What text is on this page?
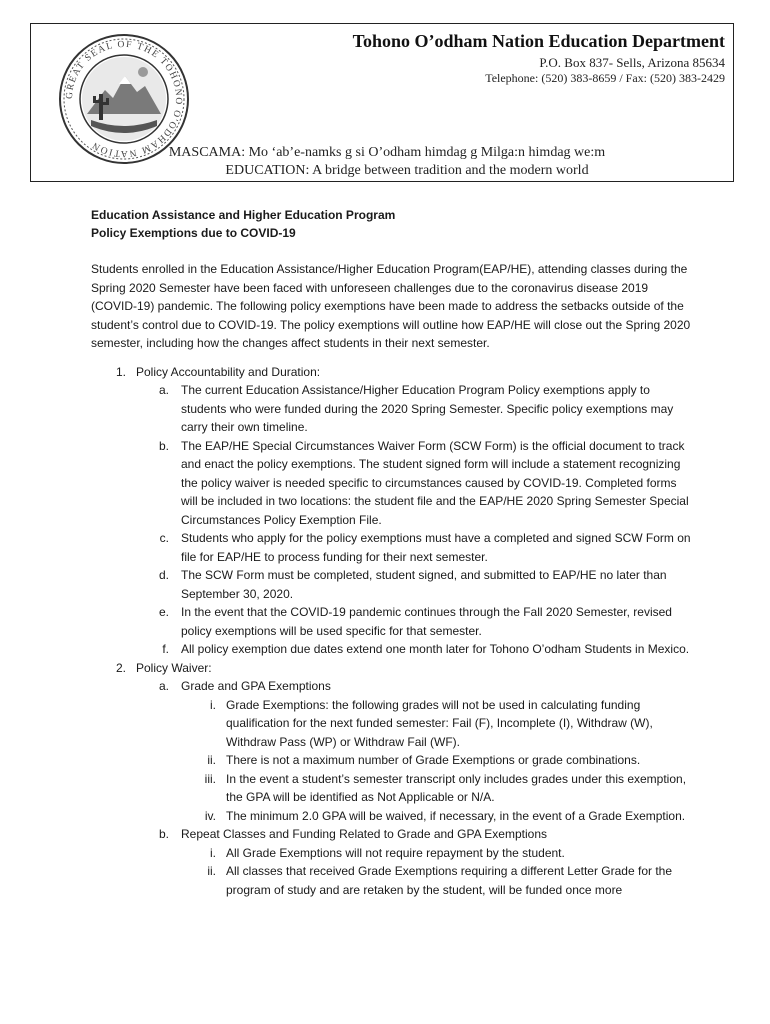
GREAT SEAL OF THE TOHONO O'ODHAM NATION
Tohono O’odham Nation Education Department
P.O. Box 837- Sells, Arizona 85634
Telephone: (520) 383-8659 / Fax: (520) 383-2429
MASCAMA: Mo ‘ab’e-namks g si O’odham himdag g Milga:n himdag we:m
EDUCATION: A bridge between tradition and the modern world
Education Assistance and Higher Education Program
Policy Exemptions due to COVID-19
Students enrolled in the Education Assistance/Higher Education Program(EAP/HE), attending classes during the Spring 2020 Semester have been faced with unforeseen challenges due to the coronavirus disease 2019 (COVID-19) pandemic. The following policy exemptions have been made to address the setbacks outside of the student’s control due to COVID-19. The policy exemptions will outline how EAP/HE will close out the Spring 2020 semester, including how the changes affect students in their next semester.
1. Policy Accountability and Duration:
a. The current Education Assistance/Higher Education Program Policy exemptions apply to students who were funded during the 2020 Spring Semester. Specific policy exemptions may carry their own timeline.
b. The EAP/HE Special Circumstances Waiver Form (SCW Form) is the official document to track and enact the policy exemptions. The student signed form will include a statement recognizing the policy waiver is needed specific to circumstances caused by COVID-19. Completed forms will be included in two locations: the student file and the EAP/HE 2020 Spring Semester Special Circumstances Policy Exemption File.
c. Students who apply for the policy exemptions must have a completed and signed SCW Form on file for EAP/HE to process funding for their next semester.
d. The SCW Form must be completed, student signed, and submitted to EAP/HE no later than September 30, 2020.
e. In the event that the COVID-19 pandemic continues through the Fall 2020 Semester, revised policy exemptions will be used specific for that semester.
f. All policy exemption due dates extend one month later for Tohono O’odham Students in Mexico.
2. Policy Waiver:
a. Grade and GPA Exemptions
i. Grade Exemptions: the following grades will not be used in calculating funding qualification for the next funded semester: Fail (F), Incomplete (I), Withdraw (W), Withdraw Pass (WP) or Withdraw Fail (WF).
ii. There is not a maximum number of Grade Exemptions or grade combinations.
iii. In the event a student’s semester transcript only includes grades under this exemption, the GPA will be identified as Not Applicable or N/A.
iv. The minimum 2.0 GPA will be waived, if necessary, in the event of a Grade Exemption.
b. Repeat Classes and Funding Related to Grade and GPA Exemptions
i. All Grade Exemptions will not require repayment by the student.
ii. All classes that received Grade Exemptions requiring a different Letter Grade for the program of study and are retaken by the student, will be funded once more
